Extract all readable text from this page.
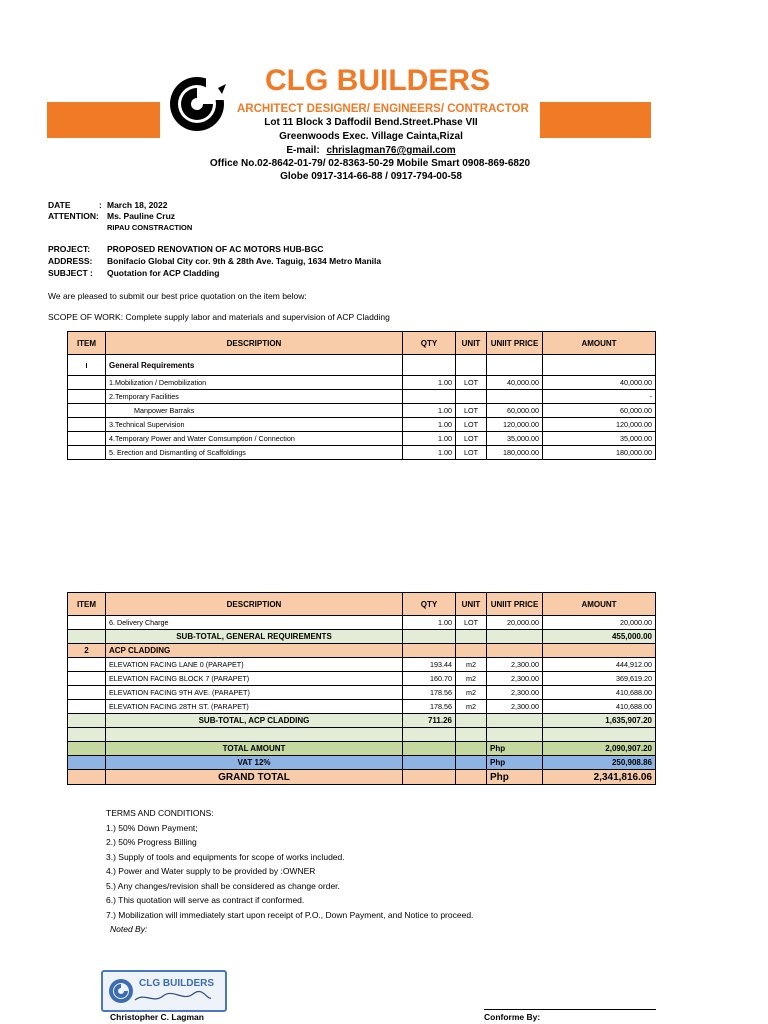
CLG BUILDERS
ARCHITECT DESIGNER/ ENGINEERS/ CONTRACTOR
Lot 11 Block 3 Daffodil Bend.Street.Phase VII
Greenwoods Exec. Village Cainta,Rizal
E-mail: chrislagman76@gmail.com
Office No.02-8642-01-79/ 02-8363-50-29 Mobile Smart 0908-869-6820
Globe 0917-314-66-88 / 0917-794-00-58
DATE	: March 18, 2022
ATTENTION: Ms. Pauline Cruz
RIPAU CONSTRACTION
PROJECT: PROPOSED RENOVATION OF AC MOTORS HUB-BGC
ADDRESS: Bonifacio Global City cor. 9th & 28th Ave. Taguig, 1634 Metro Manila
SUBJECT : Quotation for ACP Cladding
We are pleased to submit our best price quotation on the item below:
SCOPE OF WORK: Complete supply labor and materials and supervision of ACP Cladding
ITEM	DESCRIPTION	QTY	UNIT	UNIIT PRICE	AMOUNT
I	General Requirements				
	1.Mobilization / Demobilization	1.00	LOT	40,000.00	40,000.00
	2.Temporary Facilities				-
	Manpower Barraks	1.00	LOT	60,000.00	60,000.00
	3.Technical Supervision	1.00	LOT	120,000.00	120,000.00
	4.Temporary Power and Water Comsumption / Connection	1.00	LOT	35,000.00	35,000.00
	5. Erection and Dismantling of Scaffoldings	1.00	LOT	180,000.00	180,000.00
ITEM	DESCRIPTION	QTY	UNIT	UNIIT PRICE	AMOUNT
	6. Delivery Charge	1.00	LOT	20,000.00	20,000.00
	SUB-TOTAL, GENERAL REQUIREMENTS				455,000.00
2	ACP CLADDING				
	ELEVATION FACING LANE 0 (PARAPET)	193.44	m2	2,300.00	444,912.00
	ELEVATION FACING BLOCK 7 (PARAPET)	160.70	m2	2,300.00	369,619.20
	ELEVATION FACING 9TH AVE. (PARAPET)	178.56	m2	2,300.00	410,688.00
	ELEVATION FACING 28TH ST. (PARAPET)	178.56	m2	2,300.00	410,688.00
	SUB-TOTAL, ACP CLADDING	711.26			1,635,907.20

	TOTAL AMOUNT			Php	2,090,907.20
	VAT 12%			Php	250,908.86
	GRAND TOTAL			Php	2,341,816.06
TERMS AND CONDITIONS:
1.) 50% Down Payment;
2.) 50% Progress Billing
3.) Supply of tools and equipments for scope of works included.
4.) Power and Water supply to be provided by :OWNER
5.) Any changes/revision shall be considered as change order.
6.) This quotation will serve as contract if conformed.
7.) Mobilization will immediately start upon receipt of P.O., Down Payment, and Notice to proceed.
Noted By:
CLG BUILDERS
Christopher C. Lagman	Conforme By:
